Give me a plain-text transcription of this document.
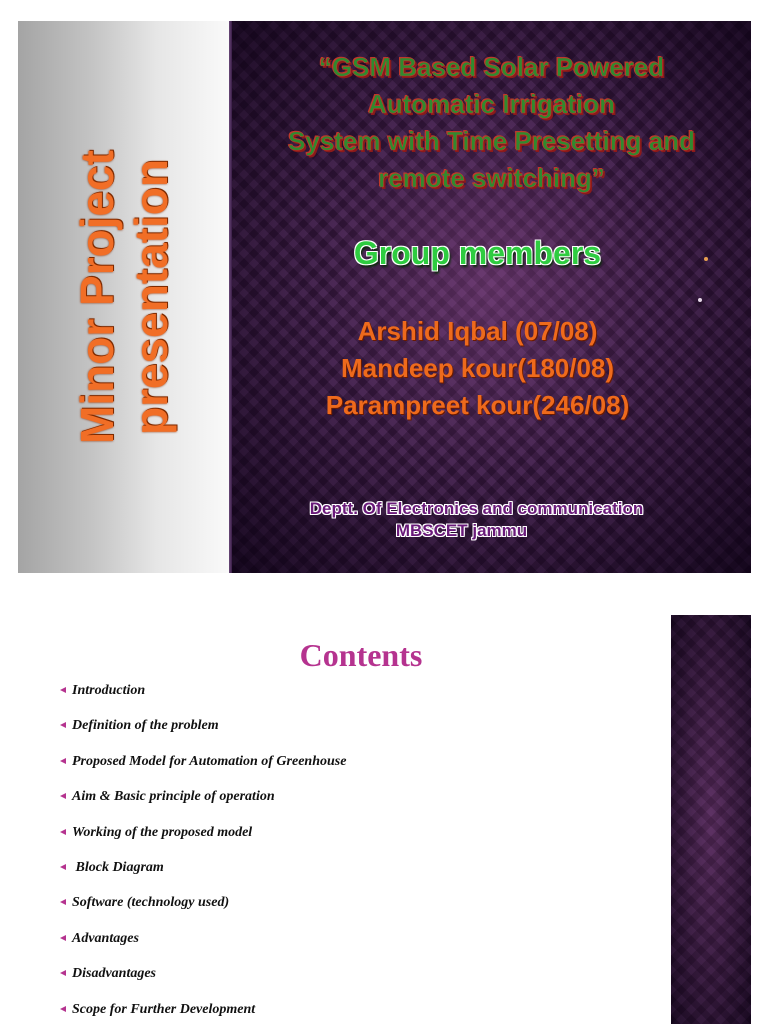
Minor Project presentation
“GSM Based Solar Powered
Automatic Irrigation
System with Time Presetting and
remote switching”
Group members
Arshid Iqbal (07/08)
Mandeep kour(180/08)
Parampreet kour(246/08)
Deptt. Of Electronics and communication
MBSCET jammu
Contents
Introduction
Definition of the problem
Proposed Model for Automation of Greenhouse
Aim & Basic principle of operation
Working of the proposed model
Block Diagram
Software (technology used)
Advantages
Disadvantages
Scope for Further Development
